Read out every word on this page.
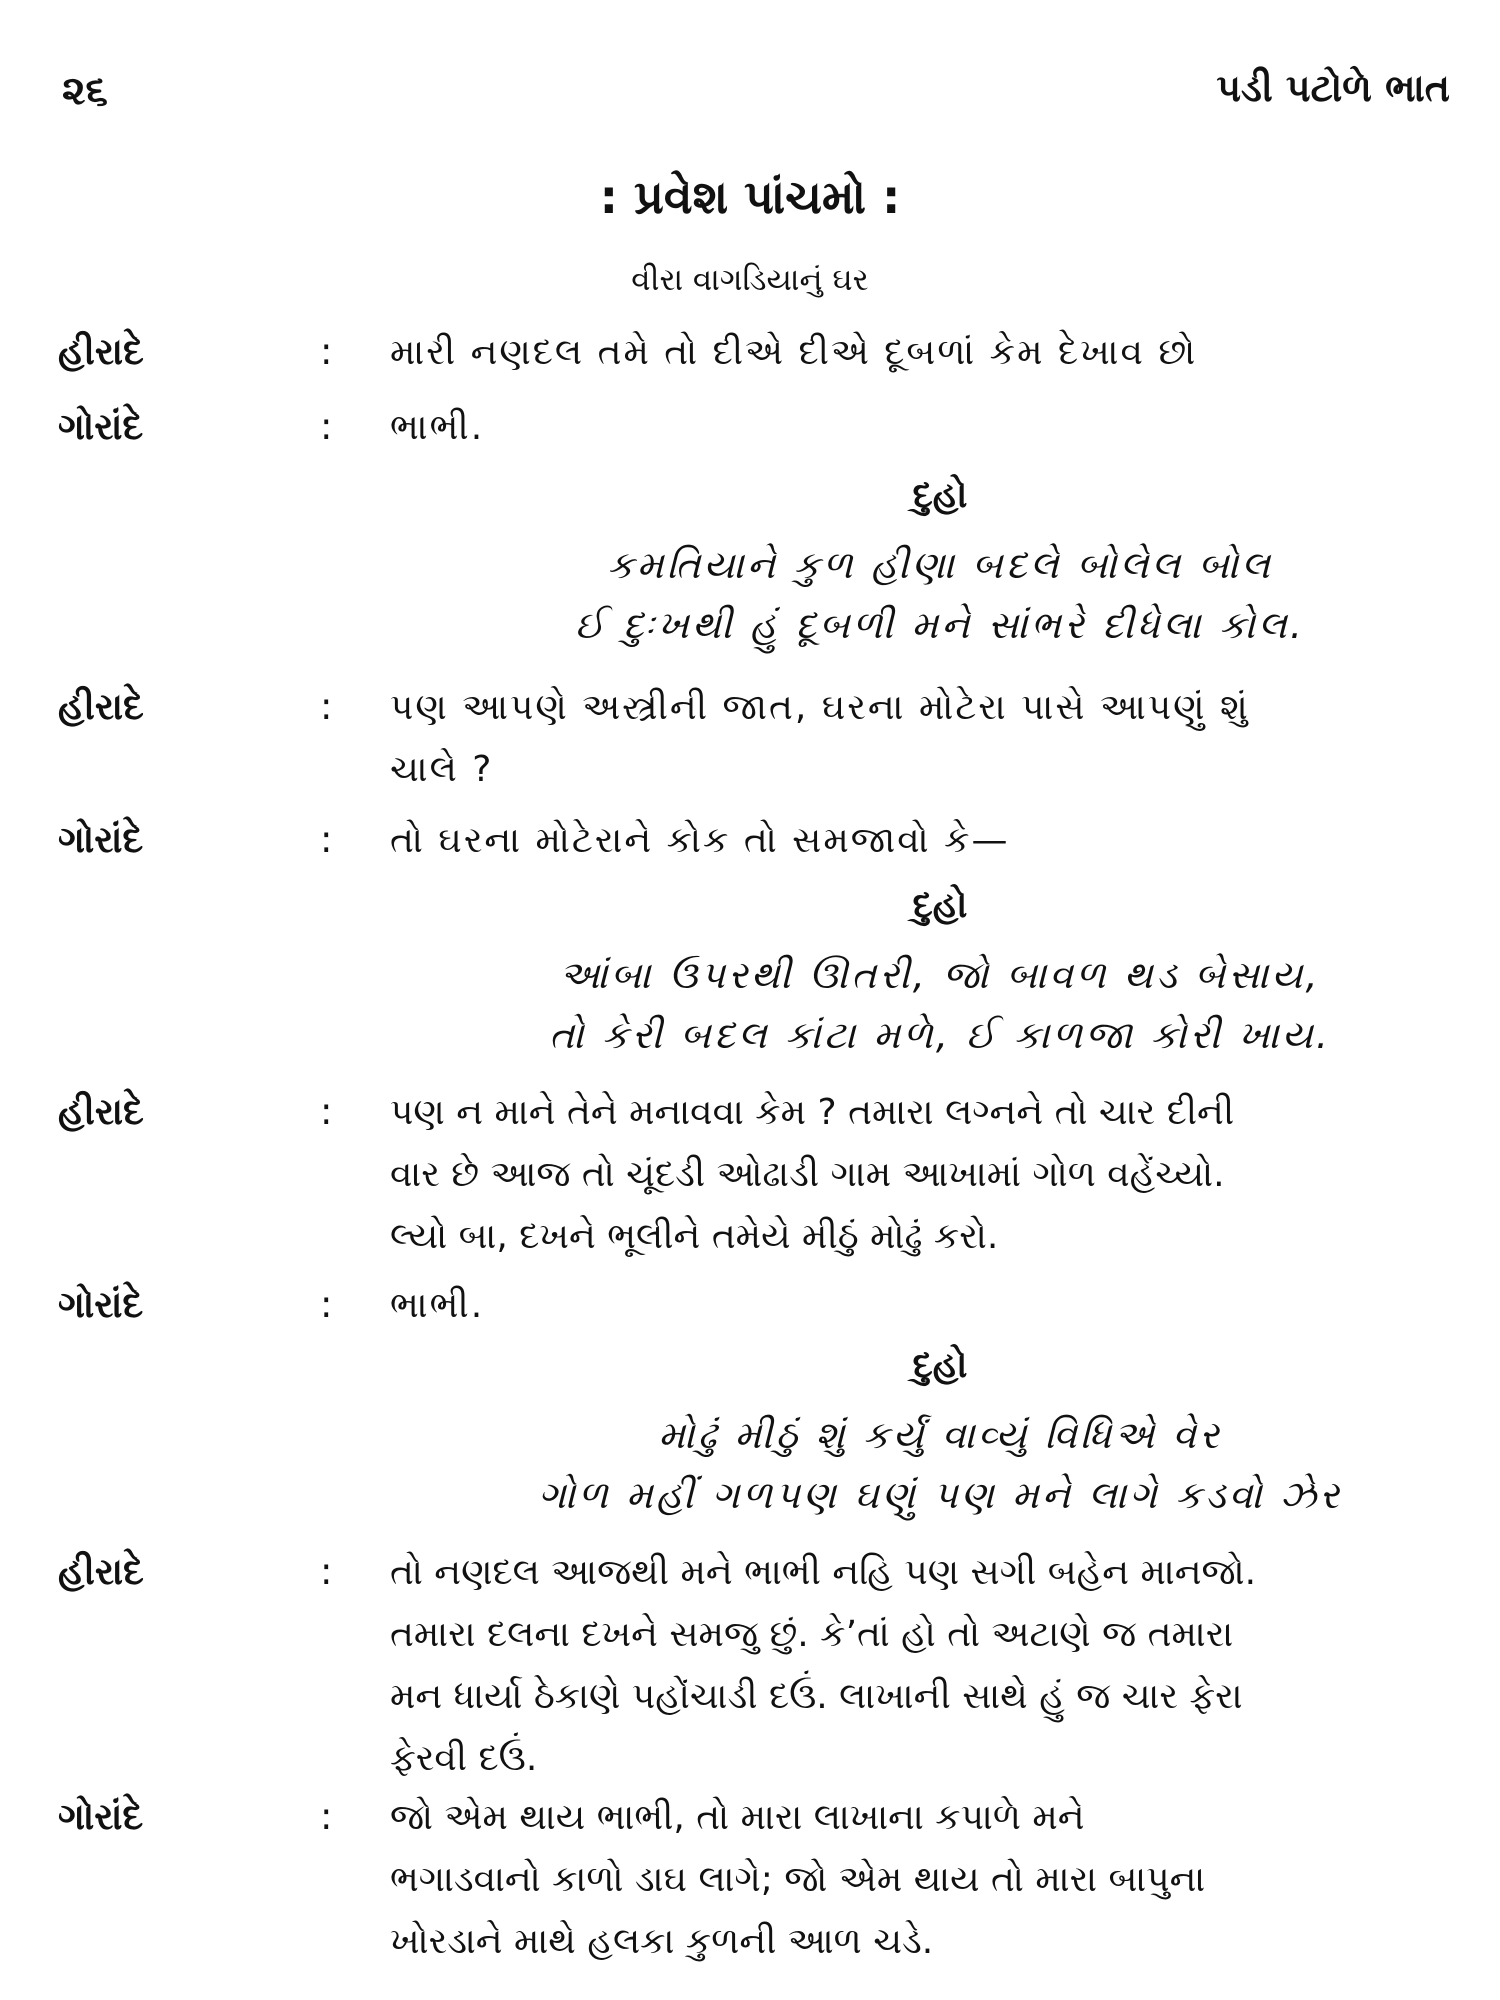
૨૬	પડી પટોળે ભાત
: પ્રવેશ પાંચમો :
વીરા વાગડિયાનું ઘર
હીરાદે	: મારી નણદલ તમે તો દીએ દીએ દૂબળાં કેમ દેખાવ છો

ગોરાંદે	: ભાભી.

દુહો
કમતિયાને કુળ હીણા બદલે બોલેલ બોલ
ઈ દુઃખથી હું દૂબળી મને સાંભરે દીધેલા કોલ.
હીરાદે	: પણ આપણે અસ્ત્રીની જાત, ઘરના મોટેરા પાસે આપણું શું
ચાલે ?

ગોરાંદે	: તો ઘરના મોટેરાને કોક તો સમજાવો કે—

દુહો
આંબા ઉપરથી ઊતરી, જો બાવળ થડ બેસાય,
તો કેરી બદલ કાંટા મળે, ઈ કાળજા કોરી ખાય.
હીરાદે	: પણ ન માને તેને મનાવવા કેમ ? તમારા લગ્નને તો ચાર દીની
વાર છે આજ તો ચૂંદડી ઓઢાડી ગામ આખામાં ગોળ વહેંચ્યો.
લ્યો બા, દખને ભૂલીને તમેયે મીઠું મોઢું કરો.

ગોરાંદે	: ભાભી.

દુહો
મોઢું મીઠું શું કર્યું વાવ્યું વિધિએ વેર
ગોળ મહીં ગળપણ ઘણું પણ મને લાગે કડવો ઝેર
હીરાદે	: તો નણદલ આજથી મને ભાભી નહિ પણ સગી બહેન માનજો.
તમારા દલના દખને સમજુ છું. કે’તાં હો તો અટાણે જ તમારા
મન ધાર્યા ઠેકાણે પહોંચાડી દઉં. લાખાની સાથે હું જ ચાર ફેરા
ફેરવી દઉં.

ગોરાંદે	: જો એમ થાય ભાભી, તો મારા લાખાના કપાળે મને
ભગાડવાનો કાળો ડાઘ લાગે; જો એમ થાય તો મારા બાપુના
ખોરડાને માથે હલકા કુળની આળ ચડે.
